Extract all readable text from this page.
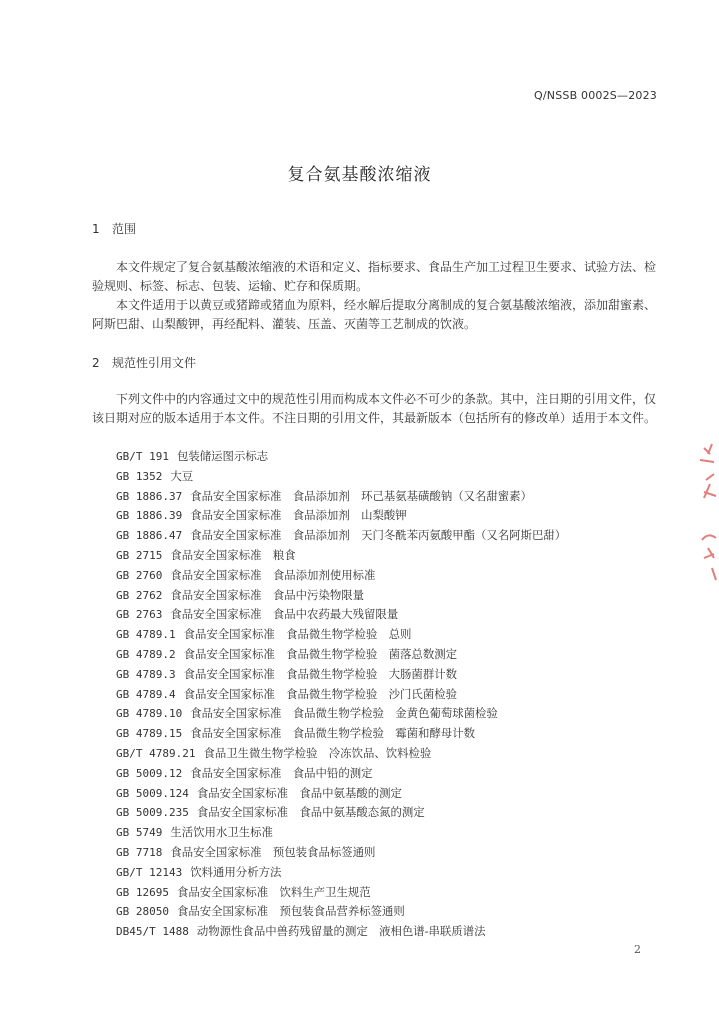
Q/NSSB 0002S—2023
复合氨基酸浓缩液
1 范围

本文件规定了复合氨基酸浓缩液的术语和定义、指标要求、食品生产加工过程卫生要求、试验方法、检验规则、标签、标志、包装、运输、贮存和保质期。

本文件适用于以黄豆或猪蹄或猪血为原料，经水解后提取分离制成的复合氨基酸浓缩液，添加甜蜜素、阿斯巴甜、山梨酸钾，再经配料、灌装、压盖、灭菌等工艺制成的饮液。

2 规范性引用文件

下列文件中的内容通过文中的规范性引用而构成本文件必不可少的条款。其中，注日期的引用文件，仅该日期对应的版本适用于本文件。不注日期的引用文件，其最新版本（包括所有的修改单）适用于本文件。

GB/T 191 包装储运图示标志
GB 1352 大豆
GB 1886.37 食品安全国家标准　食品添加剂　环己基氨基磺酸钠（又名甜蜜素）
GB 1886.39 食品安全国家标准　食品添加剂　山梨酸钾
GB 1886.47 食品安全国家标准　食品添加剂　天门冬酰苯丙氨酸甲酯（又名阿斯巴甜）
GB 2715 食品安全国家标准　粮食
GB 2760 食品安全国家标准　食品添加剂使用标准
GB 2762 食品安全国家标准　食品中污染物限量
GB 2763 食品安全国家标准　食品中农药最大残留限量
GB 4789.1 食品安全国家标准　食品微生物学检验　总则
GB 4789.2 食品安全国家标准　食品微生物学检验　菌落总数测定
GB 4789.3 食品安全国家标准　食品微生物学检验　大肠菌群计数
GB 4789.4 食品安全国家标准　食品微生物学检验　沙门氏菌检验
GB 4789.10 食品安全国家标准　食品微生物学检验　金黄色葡萄球菌检验
GB 4789.15 食品安全国家标准　食品微生物学检验　霉菌和酵母计数
GB/T 4789.21 食品卫生微生物学检验　冷冻饮品、饮料检验
GB 5009.12 食品安全国家标准　食品中铅的测定
GB 5009.124 食品安全国家标准　食品中氨基酸的测定
GB 5009.235 食品安全国家标准　食品中氨基酸态氮的测定
GB 5749 生活饮用水卫生标准
GB 7718 食品安全国家标准　预包装食品标签通则
GB/T 12143 饮料通用分析方法
GB 12695 食品安全国家标准　饮料生产卫生规范
GB 28050 食品安全国家标准　预包装食品营养标签通则
DB45/T 1488 动物源性食品中兽药残留量的测定　液相色谱-串联质谱法
2
